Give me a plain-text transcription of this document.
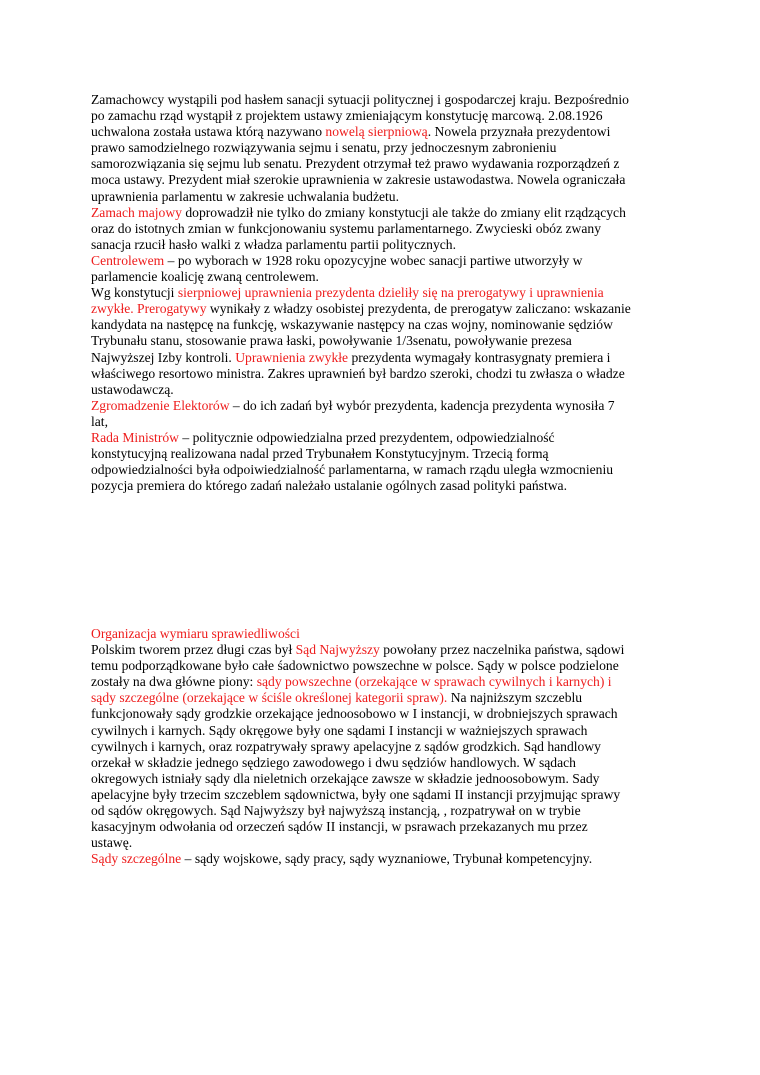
Zamachowcy wystąpili pod hasłem sanacji sytuacji politycznej i gospodarczej kraju. Bezpośrednio po zamachu rząd wystąpił z projektem ustawy zmieniającym konstytucję marcową. 2.08.1926 uchwalona została ustawa którą nazywano nowelą sierpniową. Nowela przyznała prezydentowi prawo samodzielnego rozwiązywania sejmu i senatu, przy jednoczesnym zabronieniu samorozwiązania się sejmu lub senatu. Prezydent otrzymał też prawo wydawania rozporządzeń z moca ustawy. Prezydent miał szerokie uprawnienia w zakresie ustawodastwa. Nowela ograniczała uprawnienia parlamentu w zakresie uchwalania budżetu.

Zamach majowy doprowadził nie tylko do zmiany konstytucji ale także do zmiany elit rządzących oraz do istotnych zmian w funkcjonowaniu systemu parlamentarnego. Zwycieski obóz zwany sanacja rzucił hasło walki z władza parlamentu partii politycznych.

Centrolewem – po wyborach w 1928 roku opozycyjne wobec sanacji partiwe utworzyły w parlamencie koalicję zwaną centrolewem.

Wg konstytucji sierpniowej uprawnienia prezydenta dzieliły się na prerogatywy i uprawnienia zwykłe. Prerogatywy wynikały z władzy osobistej prezydenta, de prerogatyw zaliczano: wskazanie kandydata na następcę na funkcję, wskazywanie następcy na czas wojny, nominowanie sędziów Trybunału stanu, stosowanie prawa łaski, powoływanie 1/3senatu, powoływanie prezesa Najwyższej Izby kontroli. Uprawnienia zwykłe prezydenta wymagały kontrasygnaty premiera i właściwego resortowo ministra. Zakres uprawnień był bardzo szeroki, chodzi tu zwłasza o władze ustawodawczą.

Zgromadzenie Elektorów – do ich zadań był wybór prezydenta, kadencja prezydenta wynosiła 7 lat,

Rada Ministrów – politycznie odpowiedzialna przed prezydentem, odpowiedzialność konstytucyjną realizowana nadal przed Trybunałem Konstytucyjnym. Trzecią formą odpowiedzialności była odpoiwiedzialność parlamentarna, w ramach rządu uległa wzmocnieniu pozycja premiera do którego zadań należało ustalanie ogólnych zasad polityki państwa.

Organizacja wymiaru sprawiedliwości

Polskim tworem przez długi czas był Sąd Najwyższy powołany przez naczelnika państwa, sądowi temu podporządkowane było całe śadownictwo powszechne w polsce. Sądy w polsce podzielone zostały na dwa główne piony: sądy powszechne (orzekające w sprawach cywilnych i karnych) i sądy szczególne (orzekające w ściśle określonej kategorii spraw). Na najniższym szczeblu funkcjonowały sądy grodzkie orzekające jednoosobowo w I instancji, w drobniejszych sprawach cywilnych i karnych. Sądy okręgowe były one sądami I instancji w ważniejszych sprawach cywilnych i karnych, oraz rozpatrywały sprawy apelacyjne z sądów grodzkich. Sąd handlowy orzekał w składzie jednego sędziego zawodowego i dwu sędziów handlowych. W sądach okregowych istniały sądy dla nieletnich orzekające zawsze w składzie jednoosobowym. Sady apelacyjne były trzecim szczeblem sądownictwa, były one sądami II instancji przyjmując sprawy od sądów okręgowych. Sąd Najwyższy był najwyższą instancją, , rozpatrywał on w trybie kasacyjnym odwołania od orzeczeń sądów II instancji, w psrawach przekazanych mu przez ustawę.

Sądy szczególne – sądy wojskowe, sądy pracy, sądy wyznaniowe, Trybunał kompetencyjny.
